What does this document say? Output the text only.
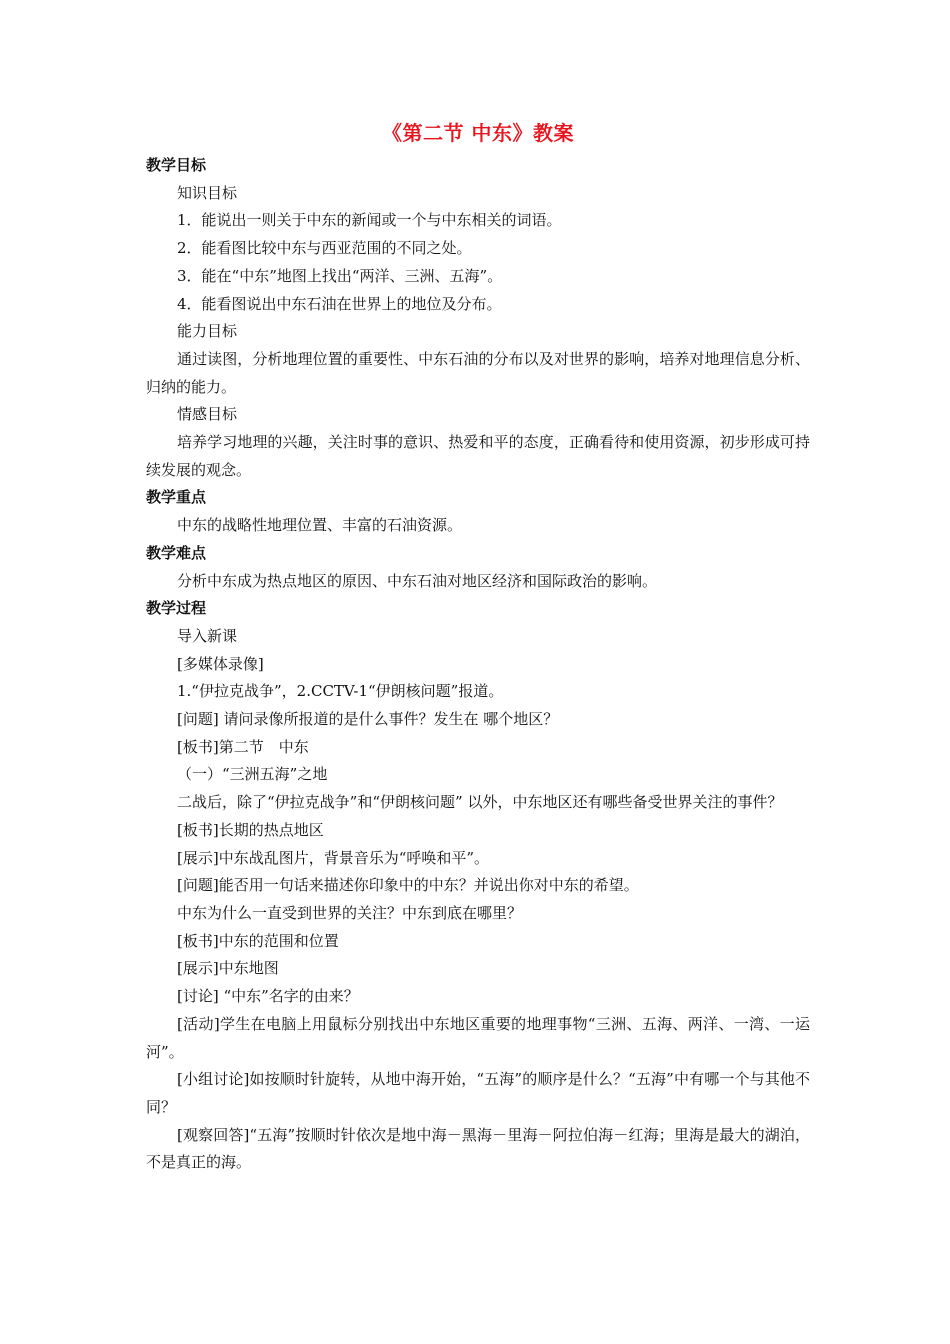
《第二节 中东》教案

教学目标

知识目标

1．能说出一则关于中东的新闻或一个与中东相关的词语。

2．能看图比较中东与西亚范围的不同之处。

3．能在“中东”地图上找出“两洋、三洲、五海”。

4．能看图说出中东石油在世界上的地位及分布。

能力目标

通过读图，分析地理位置的重要性、中东石油的分布以及对世界的影响，培养对地理信息分析、归纳的能力。

情感目标

培养学习地理的兴趣，关注时事的意识、热爱和平的态度，正确看待和使用资源，初步形成可持续发展的观念。

教学重点

中东的战略性地理位置、丰富的石油资源。

教学难点

分析中东成为热点地区的原因、中东石油对地区经济和国际政治的影响。

教学过程

导入新课

[多媒体录像]

1.“伊拉克战争”，2.CCTV-1“伊朗核问题”报道。

[问题] 请问录像所报道的是什么事件？发生在 哪个地区？

[板书]第二节　中东

（一）“三洲五海”之地

二战后，除了“伊拉克战争”和“伊朗核问题” 以外，中东地区还有哪些备受世界关注的事件？

[板书]长期的热点地区

[展示]中东战乱图片，背景音乐为“呼唤和平”。

[问题]能否用一句话来描述你印象中的中东？并说出你对中东的希望。

中东为什么一直受到世界的关注？中东到底在哪里？

[板书]中东的范围和位置

[展示]中东地图

[讨论] “中东”名字的由来？

[活动]学生在电脑上用鼠标分别找出中东地区重要的地理事物“三洲、五海、两洋、一湾、一运河”。

[小组讨论]如按顺时针旋转，从地中海开始，“五海”的顺序是什么？“五海”中有哪一个与其他不同？

[观察回答]“五海”按顺时针依次是地中海－黑海－里海－阿拉伯海－红海；里海是最大的湖泊，不是真正的海。
